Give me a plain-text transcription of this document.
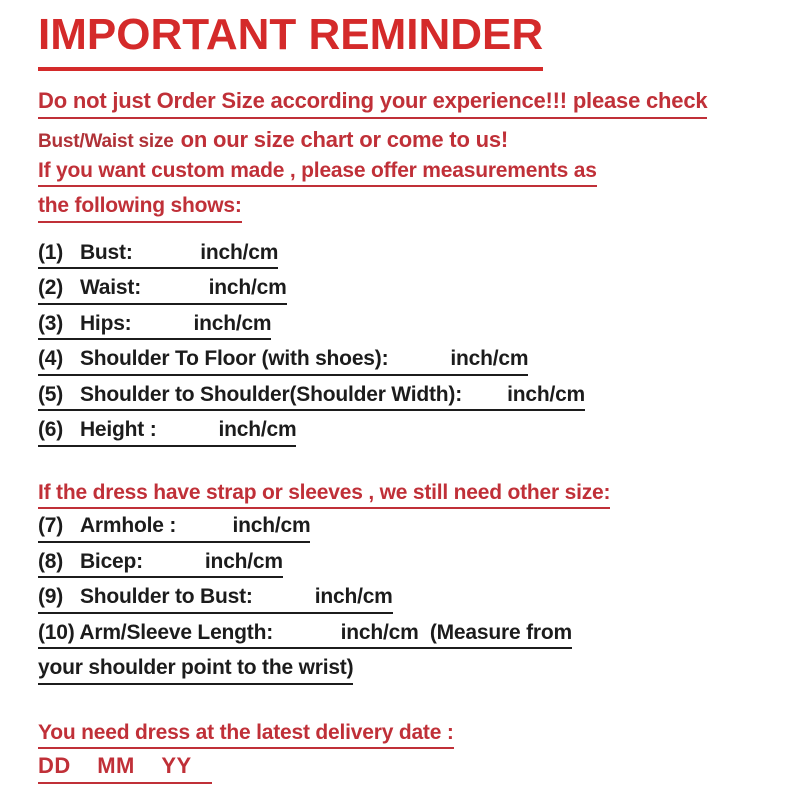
IMPORTANT REMINDER

Do not just Order Size according your experience!!! please check

Bust/Waist size on our size chart or come to us!

If you want custom made , please offer measurements as

the following shows:

(1)   Bust:            inch/cm

(2)   Waist:            inch/cm

(3)   Hips:           inch/cm

(4)   Shoulder To Floor (with shoes):           inch/cm

(5)   Shoulder to Shoulder(Shoulder Width):        inch/cm

(6)   Height :           inch/cm

If the dress have strap or sleeves , we still need other size:

(7)   Armhole :          inch/cm

(8)   Bicep:           inch/cm

(9)   Shoulder to Bust:           inch/cm

(10) Arm/Sleeve Length:            inch/cm  (Measure from

your shoulder point to the wrist)

You need dress at the latest delivery date :

DD    MM    YY
